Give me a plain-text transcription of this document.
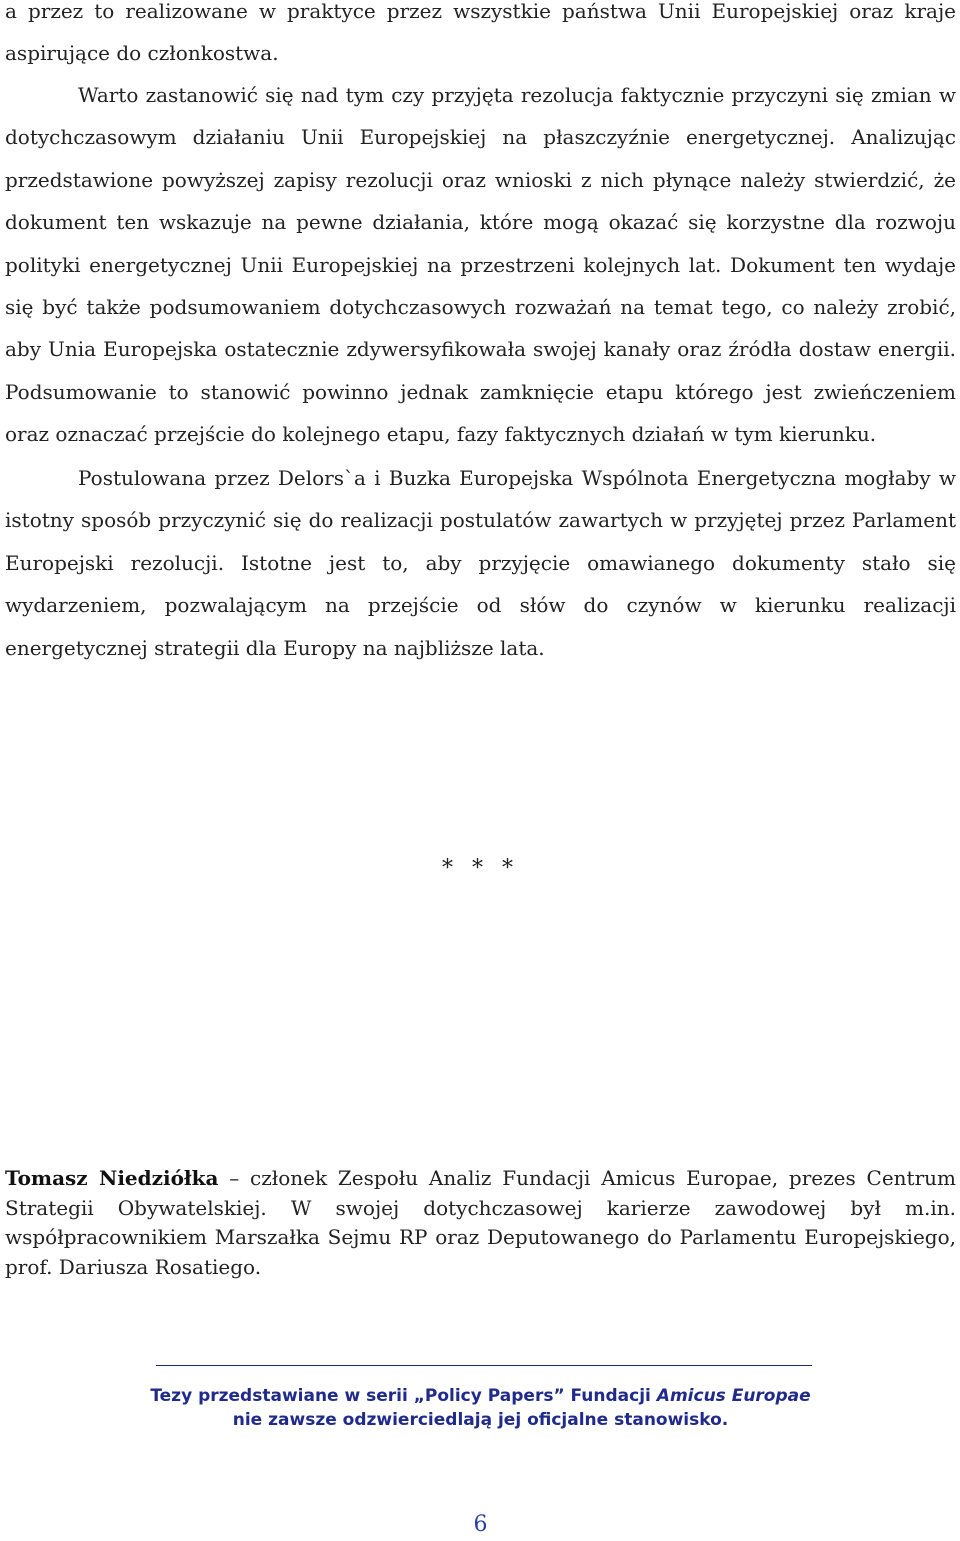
a przez to realizowane w praktyce przez wszystkie państwa Unii Europejskiej oraz kraje aspirujące do członkostwa.

Warto zastanowić się nad tym czy przyjęta rezolucja faktycznie przyczyni się zmian w dotychczasowym działaniu Unii Europejskiej na płaszczyźnie energetycznej. Analizując przedstawione powyższej zapisy rezolucji oraz wnioski z nich płynące należy stwierdzić, że dokument ten wskazuje na pewne działania, które mogą okazać się korzystne dla rozwoju polityki energetycznej Unii Europejskiej na przestrzeni kolejnych lat. Dokument ten wydaje się być także podsumowaniem dotychczasowych rozważań na temat tego, co należy zrobić, aby Unia Europejska ostatecznie zdywersyfikowała swojej kanały oraz źródła dostaw energii. Podsumowanie to stanowić powinno jednak zamknięcie etapu którego jest zwieńczeniem oraz oznaczać przejście do kolejnego etapu, fazy faktycznych działań w tym kierunku.

Postulowana przez Delors`a i Buzka Europejska Wspólnota Energetyczna mogłaby w istotny sposób przyczynić się do realizacji postulatów zawartych w przyjętej przez Parlament Europejski rezolucji. Istotne jest to, aby przyjęcie omawianego dokumenty stało się wydarzeniem, pozwalającym na przejście od słów do czynów w kierunku realizacji energetycznej strategii dla Europy na najbliższe lata.

* * *

Tomasz Niedziółka – członek Zespołu Analiz Fundacji Amicus Europae, prezes Centrum Strategii Obywatelskiej. W swojej dotychczasowej karierze zawodowej był m.in. współpracownikiem Marszałka Sejmu RP oraz Deputowanego do Parlamentu Europejskiego, prof. Dariusza Rosatiego.

Tezy przedstawiane w serii „Policy Papers” Fundacji Amicus Europae
nie zawsze odzwierciedlają jej oficjalne stanowisko.
6
